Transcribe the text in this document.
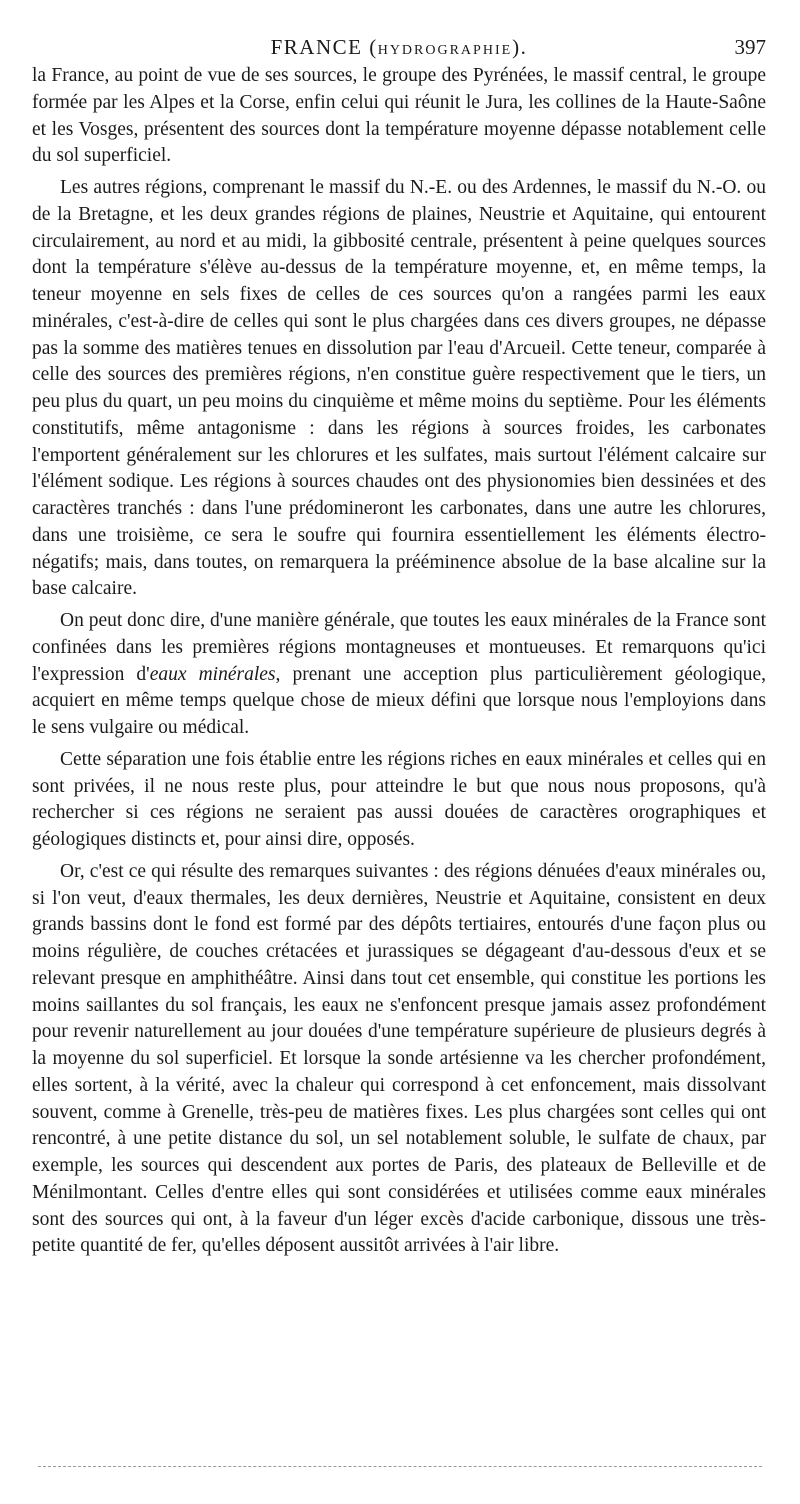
FRANCE (HYDROGRAPHIE).	397

la France, au point de vue de ses sources, le groupe des Pyrénées, le massif central, le groupe formée par les Alpes et la Corse, enfin celui qui réunit le Jura, les collines de la Haute-Saône et les Vosges, présentent des sources dont la température moyenne dépasse notablement celle du sol superficiel.

Les autres régions, comprenant le massif du N.-E. ou des Ardennes, le massif du N.-O. ou de la Bretagne, et les deux grandes régions de plaines, Neustrie et Aquitaine, qui entourent circulairement, au nord et au midi, la gibbosité centrale, présentent à peine quelques sources dont la température s'élève au-dessus de la température moyenne, et, en même temps, la teneur moyenne en sels fixes de celles de ces sources qu'on a rangées parmi les eaux minérales, c'est-à-dire de celles qui sont le plus chargées dans ces divers groupes, ne dépasse pas la somme des matières tenues en dissolution par l'eau d'Arcueil. Cette teneur, comparée à celle des sources des premières régions, n'en constitue guère respectivement que le tiers, un peu plus du quart, un peu moins du cinquième et même moins du septième. Pour les éléments constitutifs, même antagonisme : dans les régions à sources froides, les carbonates l'emportent généralement sur les chlorures et les sulfates, mais surtout l'élément calcaire sur l'élément sodique. Les régions à sources chaudes ont des physionomies bien dessinées et des caractères tranchés : dans l'une prédomineront les carbonates, dans une autre les chlorures, dans une troisième, ce sera le soufre qui fournira essentiellement les éléments électro-négatifs; mais, dans toutes, on remarquera la prééminence absolue de la base alcaline sur la base calcaire.

On peut donc dire, d'une manière générale, que toutes les eaux minérales de la France sont confinées dans les premières régions montagneuses et montueuses. Et remarquons qu'ici l'expression d'eaux minérales, prenant une acception plus particulièrement géologique, acquiert en même temps quelque chose de mieux défini que lorsque nous l'employions dans le sens vulgaire ou médical.

Cette séparation une fois établie entre les régions riches en eaux minérales et celles qui en sont privées, il ne nous reste plus, pour atteindre le but que nous nous proposons, qu'à rechercher si ces régions ne seraient pas aussi douées de caractères orographiques et géologiques distincts et, pour ainsi dire, opposés.

Or, c'est ce qui résulte des remarques suivantes : des régions dénuées d'eaux minérales ou, si l'on veut, d'eaux thermales, les deux dernières, Neustrie et Aquitaine, consistent en deux grands bassins dont le fond est formé par des dépôts tertiaires, entourés d'une façon plus ou moins régulière, de couches crétacées et jurassiques se dégageant d'au-dessous d'eux et se relevant presque en amphithéâtre. Ainsi dans tout cet ensemble, qui constitue les portions les moins saillantes du sol français, les eaux ne s'enfoncent presque jamais assez profondément pour revenir naturellement au jour douées d'une température supérieure de plusieurs degrés à la moyenne du sol superficiel. Et lorsque la sonde artésienne va les chercher profondément, elles sortent, à la vérité, avec la chaleur qui correspond à cet enfoncement, mais dissolvant souvent, comme à Grenelle, très-peu de matières fixes. Les plus chargées sont celles qui ont rencontré, à une petite distance du sol, un sel notablement soluble, le sulfate de chaux, par exemple, les sources qui descendent aux portes de Paris, des plateaux de Belleville et de Ménilmontant. Celles d'entre elles qui sont considérées et utilisées comme eaux minérales sont des sources qui ont, à la faveur d'un léger excès d'acide carbonique, dissous une très-petite quantité de fer, qu'elles déposent aussitôt arrivées à l'air libre.
